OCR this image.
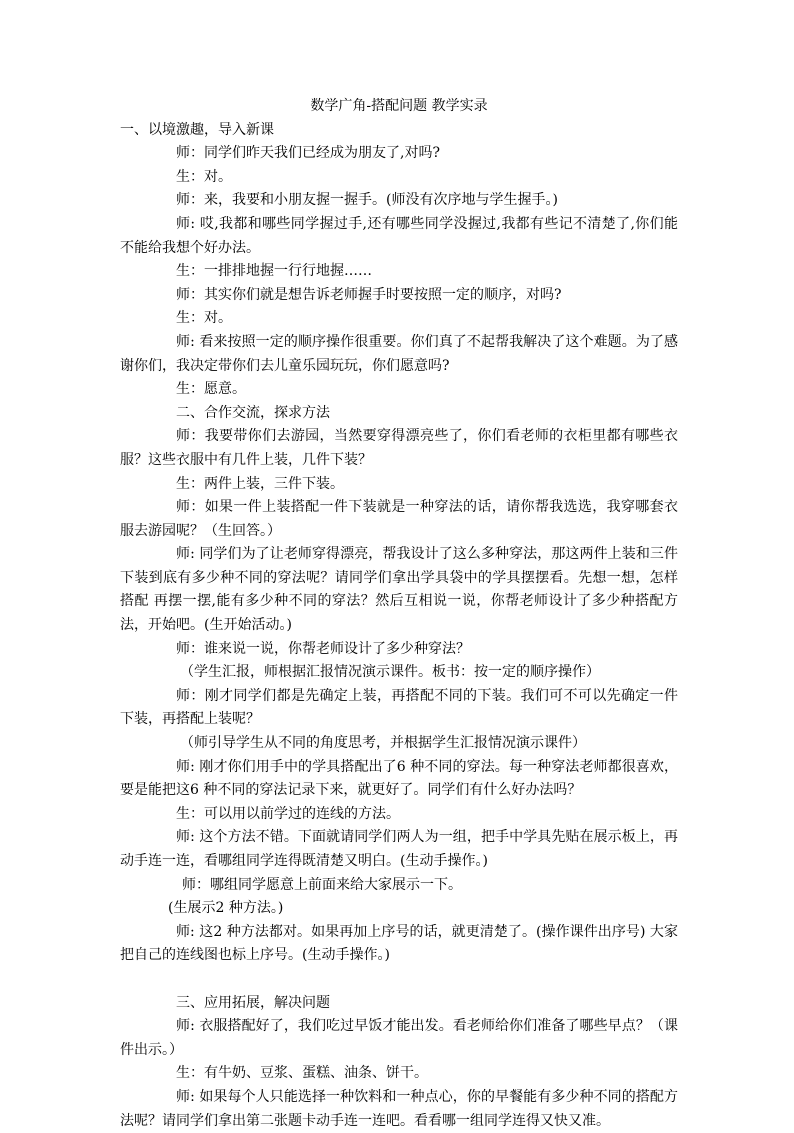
数学广角-搭配问题 教学实录
一、以境激趣，导入新课
师：同学们昨天我们已经成为朋友了,对吗?
生：对。
师：来，我要和小朋友握一握手。(师没有次序地与学生握手。)
师: 哎,我都和哪些同学握过手,还有哪些同学没握过,我都有些记不清楚了,你们能不能给我想个好办法。
生：一排排地握一行行地握……
师：其实你们就是想告诉老师握手时要按照一定的顺序，对吗?
生：对。
师: 看来按照一定的顺序操作很重要。你们真了不起帮我解决了这个难题。为了感谢你们，我决定带你们去儿童乐园玩玩，你们愿意吗?
生：愿意。
二、合作交流，探求方法
师：我要带你们去游园，当然要穿得漂亮些了，你们看老师的衣柜里都有哪些衣服？这些衣服中有几件上装，几件下装？
生：两件上装，三件下装。
师：如果一件上装搭配一件下装就是一种穿法的话，请你帮我选选，我穿哪套衣服去游园呢？（生回答。）
师: 同学们为了让老师穿得漂亮，帮我设计了这么多种穿法，那这两件上装和三件下装到底有多少种不同的穿法呢？请同学们拿出学具袋中的学具摆摆看。先想一想，怎样搭配 再摆一摆,能有多少种不同的穿法？然后互相说一说，你帮老师设计了多少种搭配方法，开始吧。(生开始活动。)
师：谁来说一说，你帮老师设计了多少种穿法？
（学生汇报，师根据汇报情况演示课件。板书：按一定的顺序操作）
师：刚才同学们都是先确定上装，再搭配不同的下装。我们可不可以先确定一件下装，再搭配上装呢？
（师引导学生从不同的角度思考，并根据学生汇报情况演示课件）
师: 刚才你们用手中的学具搭配出了6 种不同的穿法。每一种穿法老师都很喜欢，要是能把这6 种不同的穿法记录下来，就更好了。同学们有什么好办法吗？
生：可以用以前学过的连线的方法。
师: 这个方法不错。下面就请同学们两人为一组，把手中学具先贴在展示板上，再动手连一连，看哪组同学连得既清楚又明白。(生动手操作。)
师：哪组同学愿意上前面来给大家展示一下。
(生展示2 种方法。)
师: 这2 种方法都对。如果再加上序号的话，就更清楚了。(操作课件出序号) 大家把自己的连线图也标上序号。(生动手操作。)
三、应用拓展，解决问题
师: 衣服搭配好了，我们吃过早饭才能出发。看老师给你们准备了哪些早点？（课件出示。）
生：有牛奶、豆浆、蛋糕、油条、饼干。
师: 如果每个人只能选择一种饮料和一种点心，你的早餐能有多少种不同的搭配方法呢？请同学们拿出第二张题卡动手连一连吧。看看哪一组同学连得又快又准。
